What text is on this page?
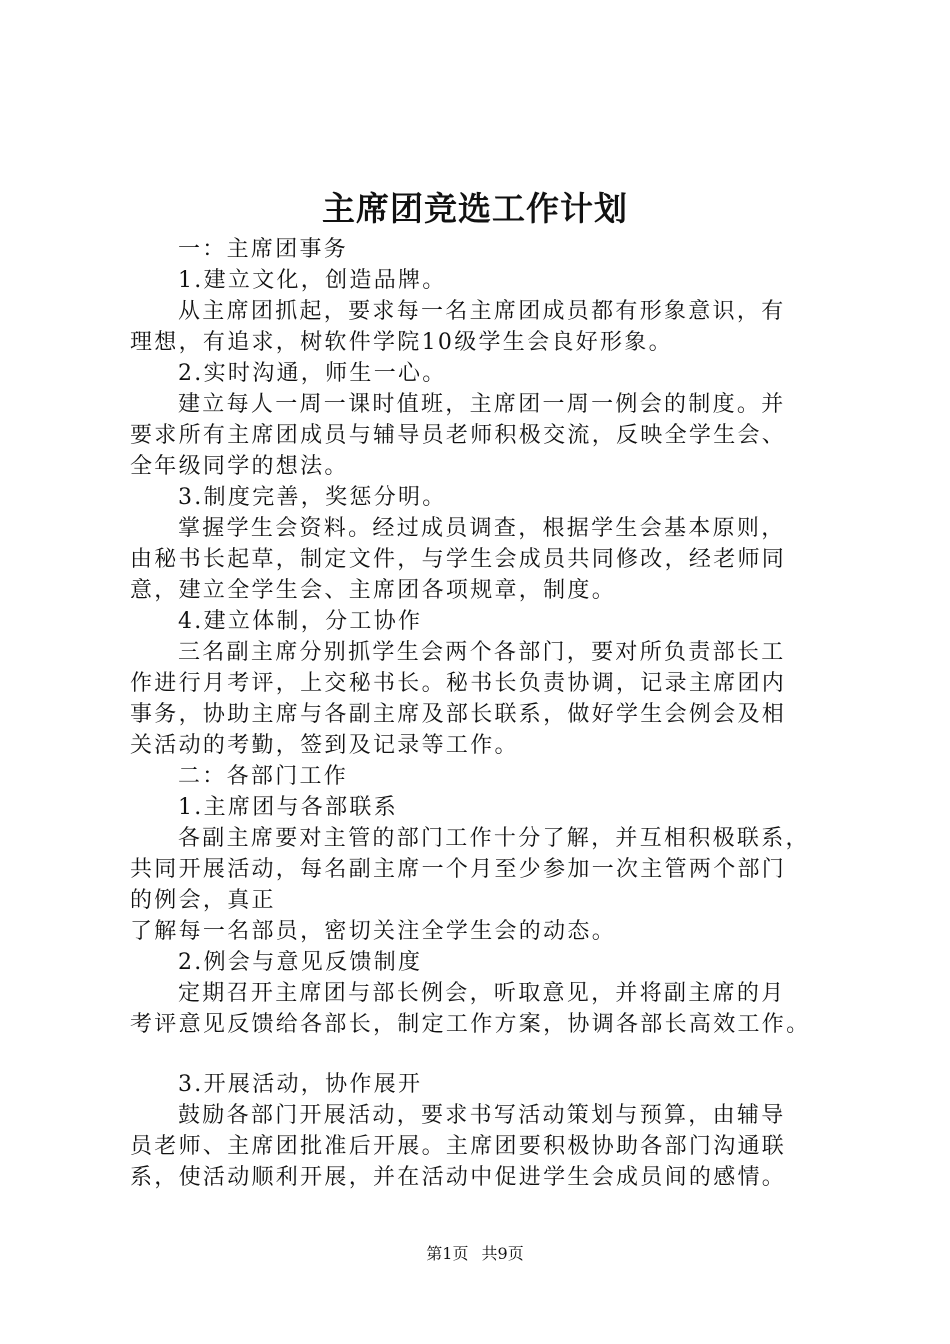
主席团竞选工作计划
一：主席团事务
1.建立文化，创造品牌。
从主席团抓起，要求每一名主席团成员都有形象意识，有
理想，有追求，树软件学院10级学生会良好形象。
2.实时沟通，师生一心。
建立每人一周一课时值班，主席团一周一例会的制度。并
要求所有主席团成员与辅导员老师积极交流，反映全学生会、
全年级同学的想法。
3.制度完善，奖惩分明。
掌握学生会资料。经过成员调查，根据学生会基本原则，
由秘书长起草，制定文件，与学生会成员共同修改，经老师同
意，建立全学生会、主席团各项规章，制度。
4.建立体制，分工协作
三名副主席分别抓学生会两个各部门，要对所负责部长工
作进行月考评，上交秘书长。秘书长负责协调，记录主席团内
事务，协助主席与各副主席及部长联系，做好学生会例会及相
关活动的考勤，签到及记录等工作。
二：各部门工作
1.主席团与各部联系
各副主席要对主管的部门工作十分了解，并互相积极联系，
共同开展活动，每名副主席一个月至少参加一次主管两个部门
的例会，真正
了解每一名部员，密切关注全学生会的动态。
2.例会与意见反馈制度
定期召开主席团与部长例会，听取意见，并将副主席的月
考评意见反馈给各部长，制定工作方案，协调各部长高效工作。
3.开展活动，协作展开
鼓励各部门开展活动，要求书写活动策划与预算，由辅导
员老师、主席团批准后开展。主席团要积极协助各部门沟通联
系，使活动顺利开展，并在活动中促进学生会成员间的感情。
第1页 共9页
